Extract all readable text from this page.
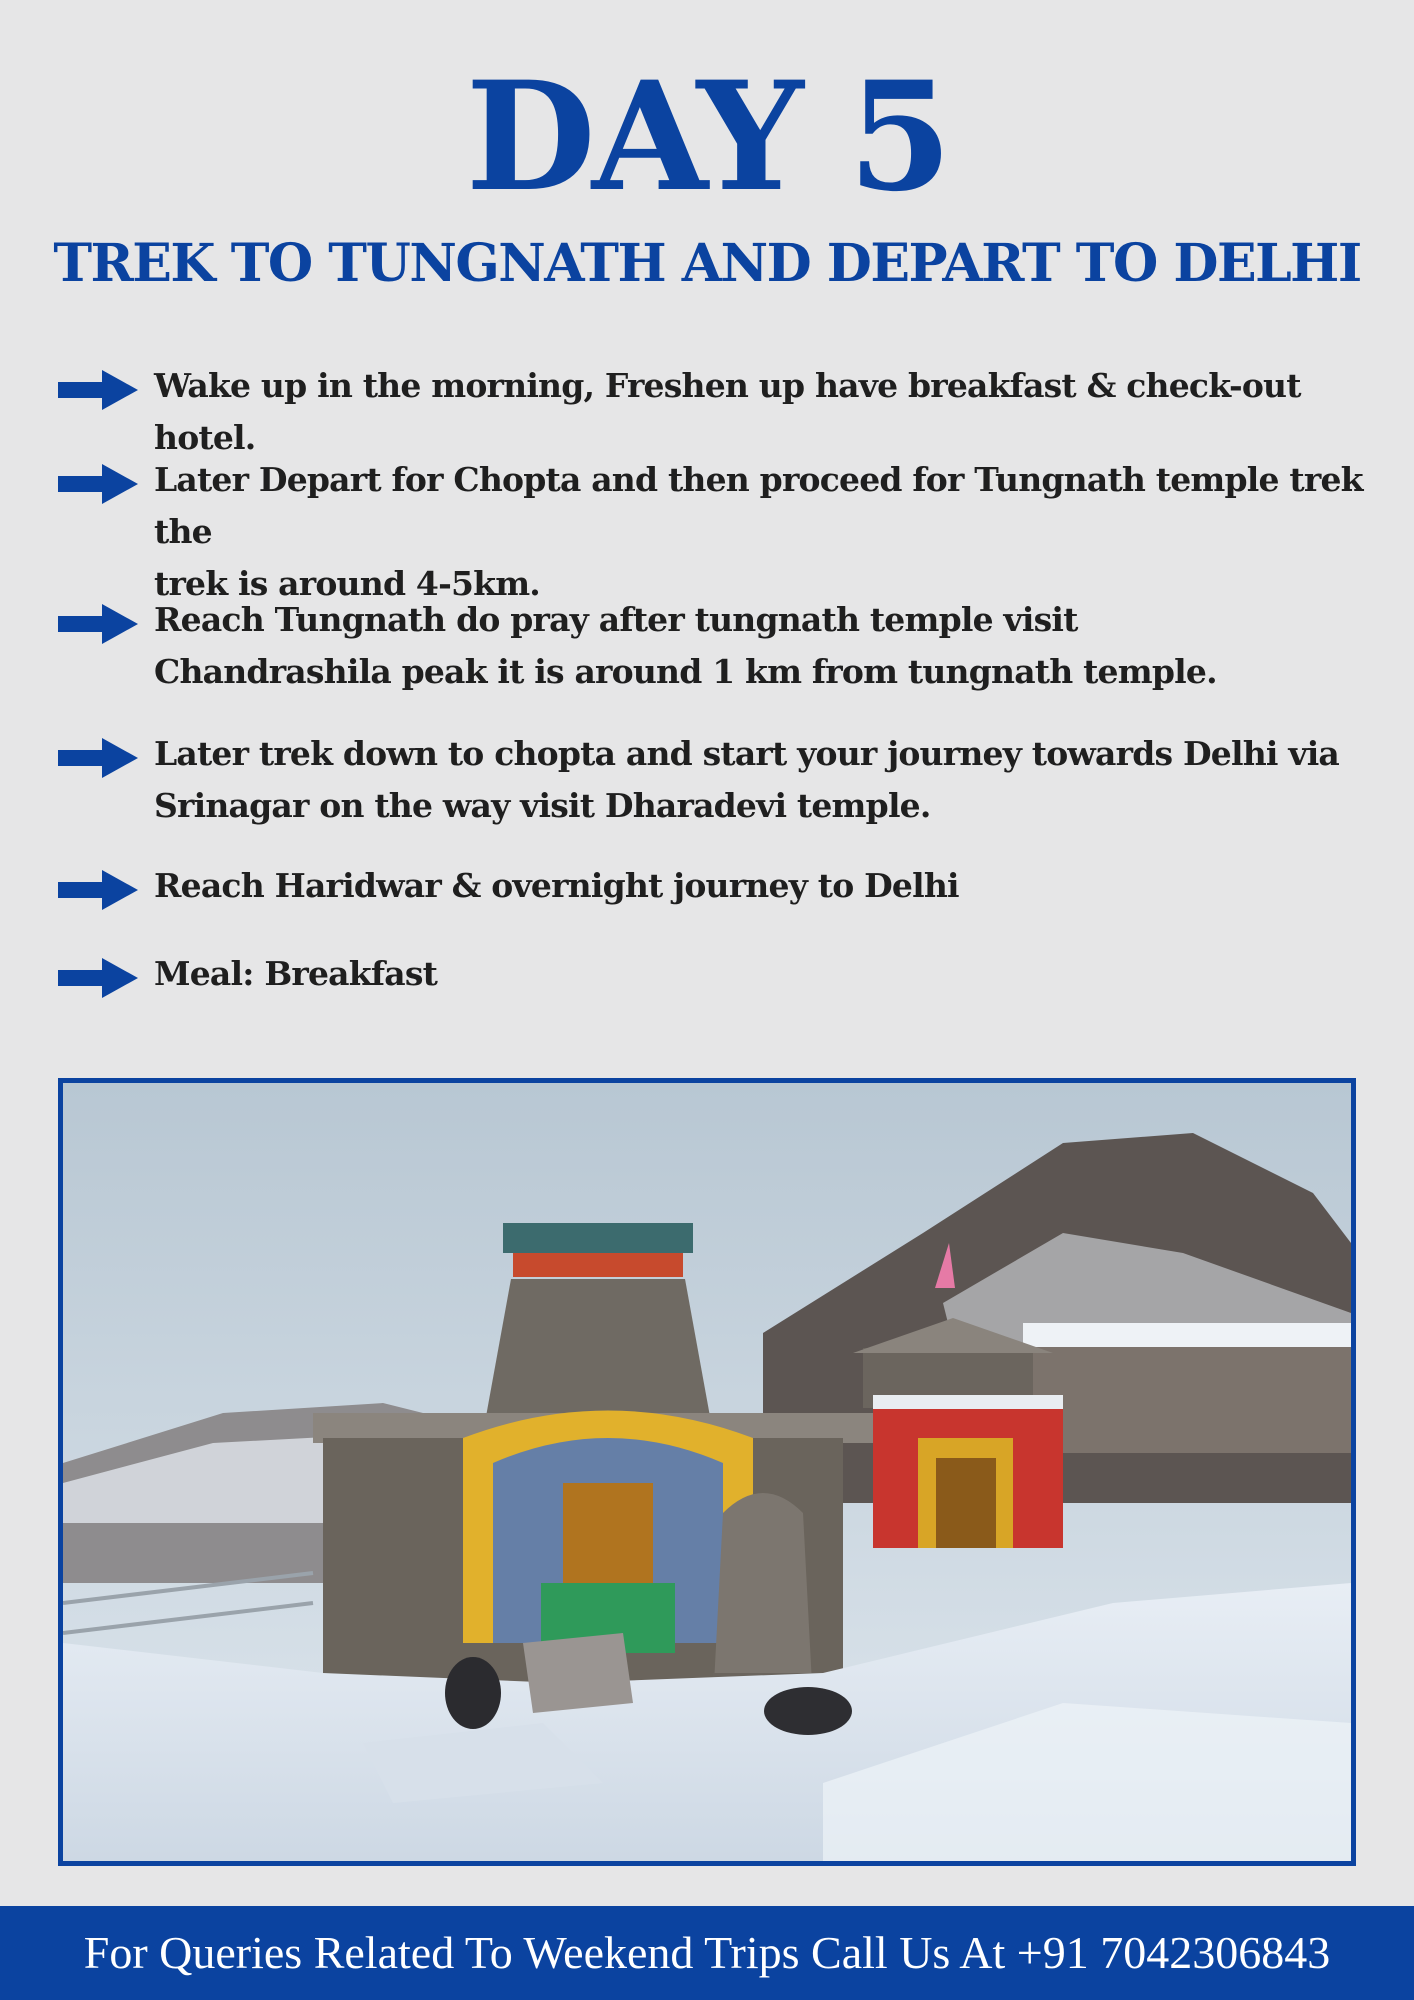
DAY 5
TREK TO TUNGNATH AND DEPART TO DELHI
Wake up in the morning, Freshen up have breakfast & check-out hotel.
Later Depart for Chopta and then proceed for Tungnath temple trek the
trek is around 4-5km.
Reach Tungnath do pray after tungnath temple visit
Chandrashila peak it is around 1 km from tungnath temple.
Later trek down to chopta and start your journey towards Delhi via
Srinagar on the way visit Dharadevi temple.
Reach Haridwar & overnight journey to Delhi
Meal: Breakfast
For Queries Related To Weekend Trips Call Us At +91 7042306843
